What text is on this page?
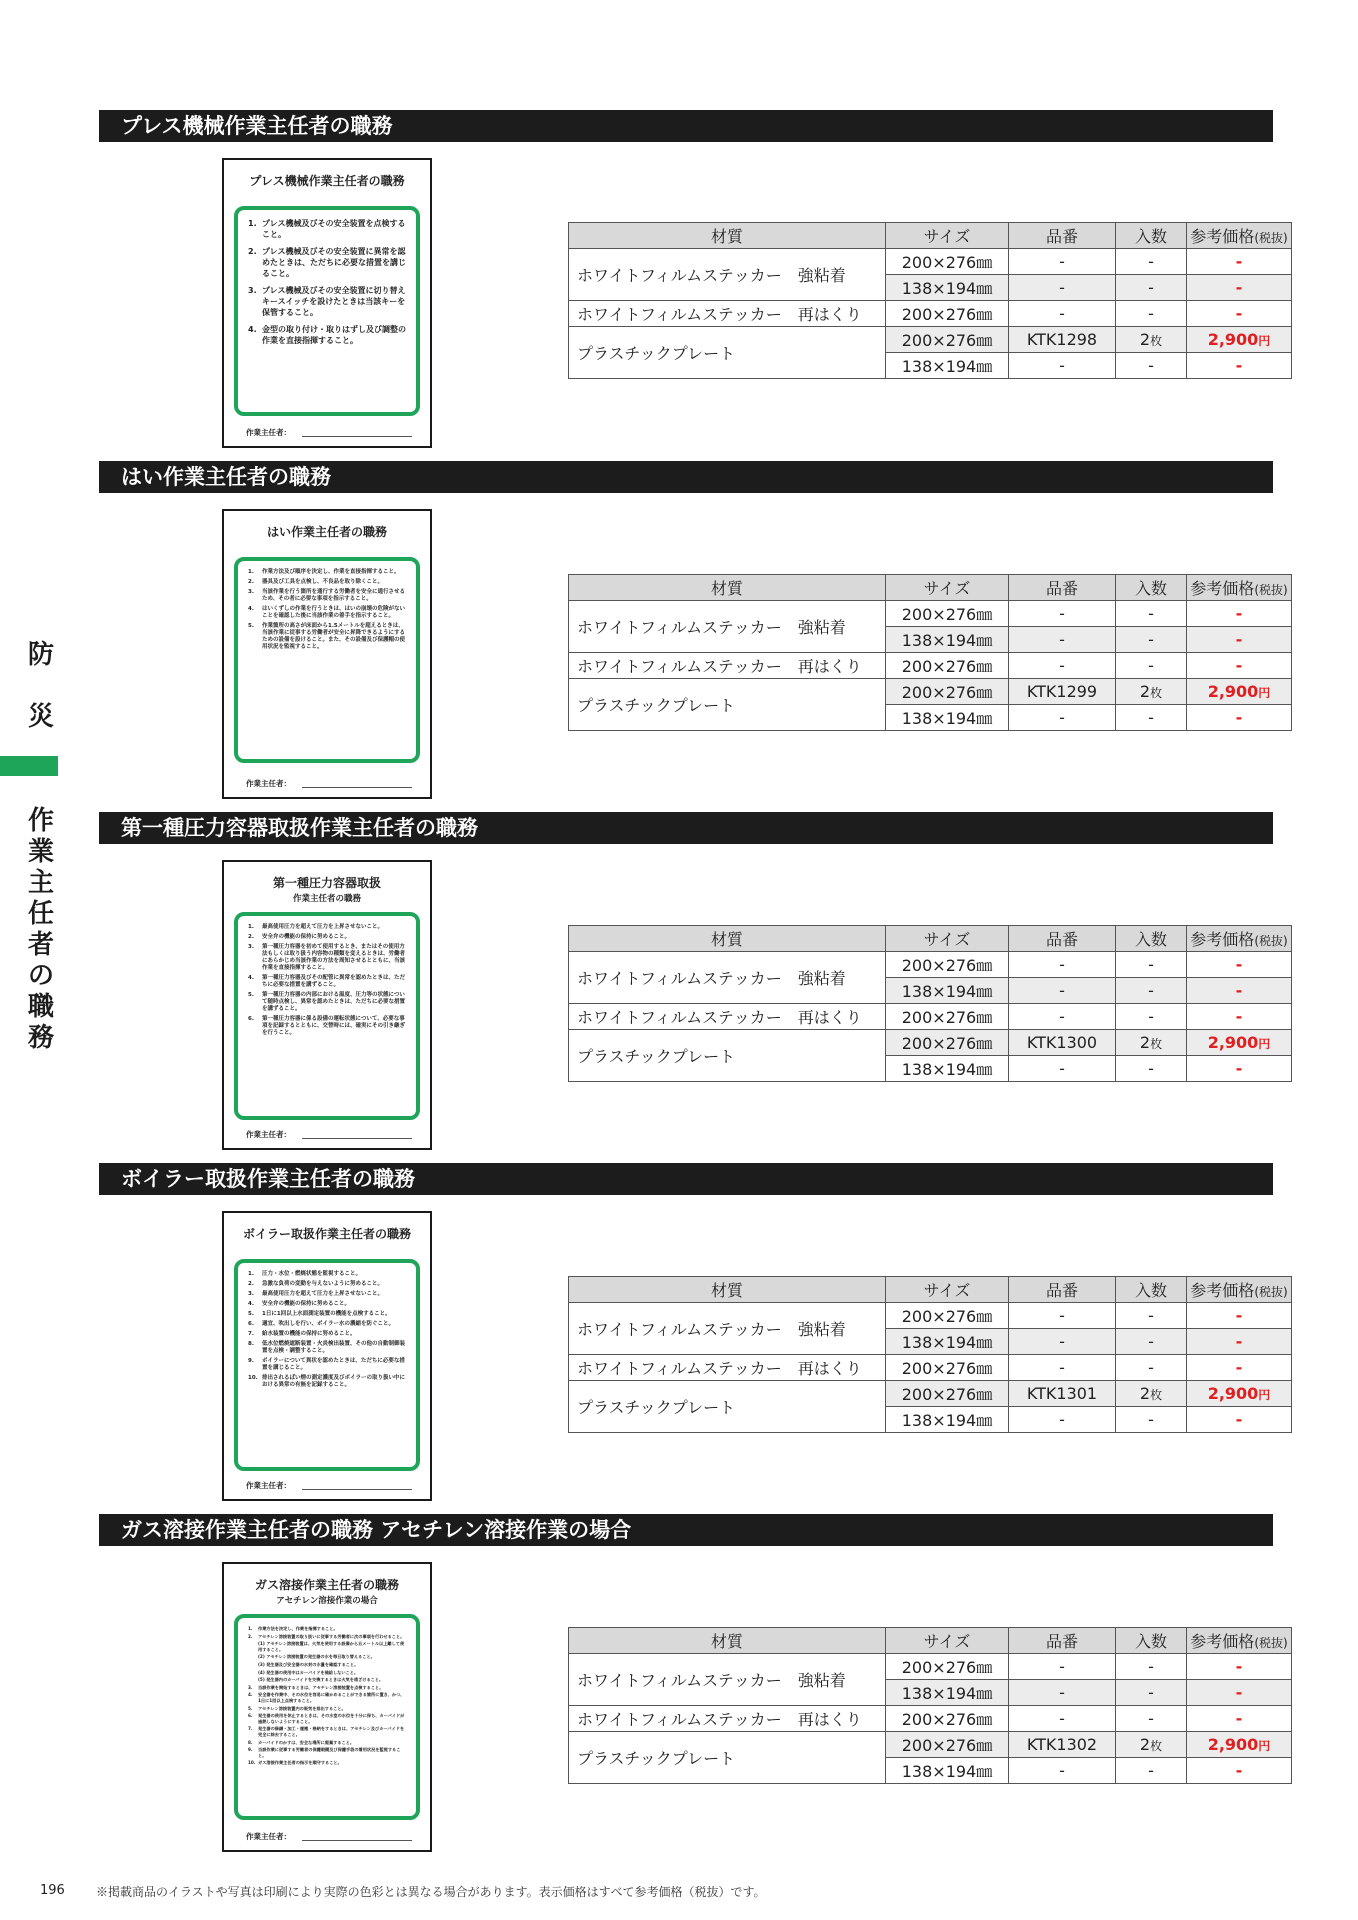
プレス機械作業主任者の職務
プレス機械作業主任者の職務
1. プレス機械及びその安全装置を点検すること。
2. プレス機械及びその安全装置に異常を認めたときは、ただちに必要な措置を講じること。
3. プレス機械及びその安全装置に切り替えキースイッチを設けたときは当該キーを保管すること。
4. 金型の取り付け・取りはずし及び調整の作業を直接指揮すること。
作業主任者：
材質	サイズ	品番	入数	参考価格(税抜)
ホワイトフィルムステッカー　強粘着	200×276㎜	-	-	-
	138×194㎜	-	-	-
ホワイトフィルムステッカー　再はくり	200×276㎜	-	-	-
プラスチックプレート	200×276㎜	KTK1298	2枚	2,900円
	138×194㎜	-	-	-
はい作業主任者の職務
はい作業主任者の職務
1.	作業方法及び順序を決定し、作業を直接指揮すること。
2.	器具及び工具を点検し、不良品を取り除くこと。
3.	当該作業を行う箇所を通行する労働者を安全に通行させるため、その者に必要な事項を指示すること。
4.	はいくずしの作業を行うときは、はいの崩壊の危険がないことを確認した後に当該作業の着手を指示すること。
5.	作業箇所の高さが床面から1.5メートルを超えるときは、当該作業に従事する労働者が安全に昇降できるようにするための設備を設けること。また、その設備及び保護帽の使用状況を監視すること。
作業主任者：
材質	サイズ	品番	入数	参考価格(税抜)
ホワイトフィルムステッカー　強粘着	200×276㎜	-	-	-
	138×194㎜	-	-	-
ホワイトフィルムステッカー　再はくり	200×276㎜	-	-	-
プラスチックプレート	200×276㎜	KTK1299	2枚	2,900円
	138×194㎜	-	-	-
第一種圧力容器取扱作業主任者の職務
第一種圧力容器取扱
作業主任者の職務
1.	最高使用圧力を超えて圧力を上昇させないこと。
2.	安全弁の機能の保持に努めること。
3.	第一種圧力容器を初めて使用するとき、またはその使用方法もしくは取り扱う内容物の種類を変えるときは、労働者にあらかじめ当該作業の方法を周知させるとともに、当該作業を直接指揮すること。
4.	第一種圧力容器及びその配管に異常を認めたときは、ただちに必要な措置を講ずること。
5.	第一種圧力容器の内部における温度、圧力等の状態について随時点検し、異常を認めたときは、ただちに必要な措置を講ずること。
6.	第一種圧力容器に係る設備の運転状態について、必要な事項を記録するとともに、交替時には、確実にその引き継ぎを行うこと。
作業主任者：
材質	サイズ	品番	入数	参考価格(税抜)
ホワイトフィルムステッカー　強粘着	200×276㎜	-	-	-
	138×194㎜	-	-	-
ホワイトフィルムステッカー　再はくり	200×276㎜	-	-	-
プラスチックプレート	200×276㎜	KTK1300	2枚	2,900円
	138×194㎜	-	-	-
ボイラー取扱作業主任者の職務
ボイラー取扱作業主任者の職務
1.	圧力・水位・燃焼状態を監視すること。
2.	急激な負荷の変動を与えないように努めること。
3.	最高使用圧力を超えて圧力を上昇させないこと。
4.	安全弁の機能の保持に努めること。
5.	1日に1回以上水面測定装置の機能を点検すること。
6.	適宜、吹出しを行い、ボイラー水の濃縮を防ぐこと。
7.	給水装置の機能の保持に努めること。
8.	低水位燃焼遮断装置・火炎検出装置、その他の自動制御装置を点検・調整すること。
9.	ボイラーについて異状を認めたときは、ただちに必要な措置を講じること。
10. 排出されるばい煙の測定濃度及びボイラーの取り扱い中における異常の有無を記録すること。
作業主任者：
材質	サイズ	品番	入数	参考価格(税抜)
ホワイトフィルムステッカー　強粘着	200×276㎜	-	-	-
	138×194㎜	-	-	-
ホワイトフィルムステッカー　再はくり	200×276㎜	-	-	-
プラスチックプレート	200×276㎜	KTK1301	2枚	2,900円
	138×194㎜	-	-	-
ガス溶接作業主任者の職務 アセチレン溶接作業の場合
ガス溶接作業主任者の職務
アセチレン溶接作業の場合
1.	作業方法を決定し、作業を指揮すること。
2.	アセチレン溶接装置の取り扱いに従事する労働者に次の事項を行わせること。
(1) アセチレン溶接装置は、火気を使用する設備から五メートル以上離して使用すること。
(2) アセチレン溶接装置の発生器の水を毎日取り替えること。
(3) 発生器及び安全器の水封の水量を確認すること。
(4) 発生器の使用中はカーバイドを補給しないこと。
(5) 発生器内のカーバイドを交換するときは火気を遠ざけること。
3.	当該作業を開始するときは、アセチレン溶接装置を点検すること。
4.	安全器を作業中、その水位を容易に確かめることができる箇所に置き、かつ、1日に1回以上点検すること。
5.	アセチレン溶接装置内の吸気を排出すること。
6.	発生器の使用を休止するときは、その水室の水位を十分に保ち、カーバイドが過熱しないようにすること。
7.	発生器の修繕・加工・運搬・格納をするときは、アセチレン及びカーバイドを完全に除去すること。
8.	カーバイドのかすは、安全な場所に廃棄すること。
9.	当該作業に従事する労働者の保護眼鏡及び保護手袋の着用状況を監視すること。
10. ガス溶接作業主任者の指示を順守すること。
作業主任者：
材質	サイズ	品番	入数	参考価格(税抜)
ホワイトフィルムステッカー　強粘着	200×276㎜	-	-	-
	138×194㎜	-	-	-
ホワイトフィルムステッカー　再はくり	200×276㎜	-	-	-
プラスチックプレート	200×276㎜	KTK1302	2枚	2,900円
	138×194㎜	-	-	-
防
災
作業主任者の職務
196	※掲載商品のイラストや写真は印刷により実際の色彩とは異なる場合があります。表示価格はすべて参考価格（税抜）です。
